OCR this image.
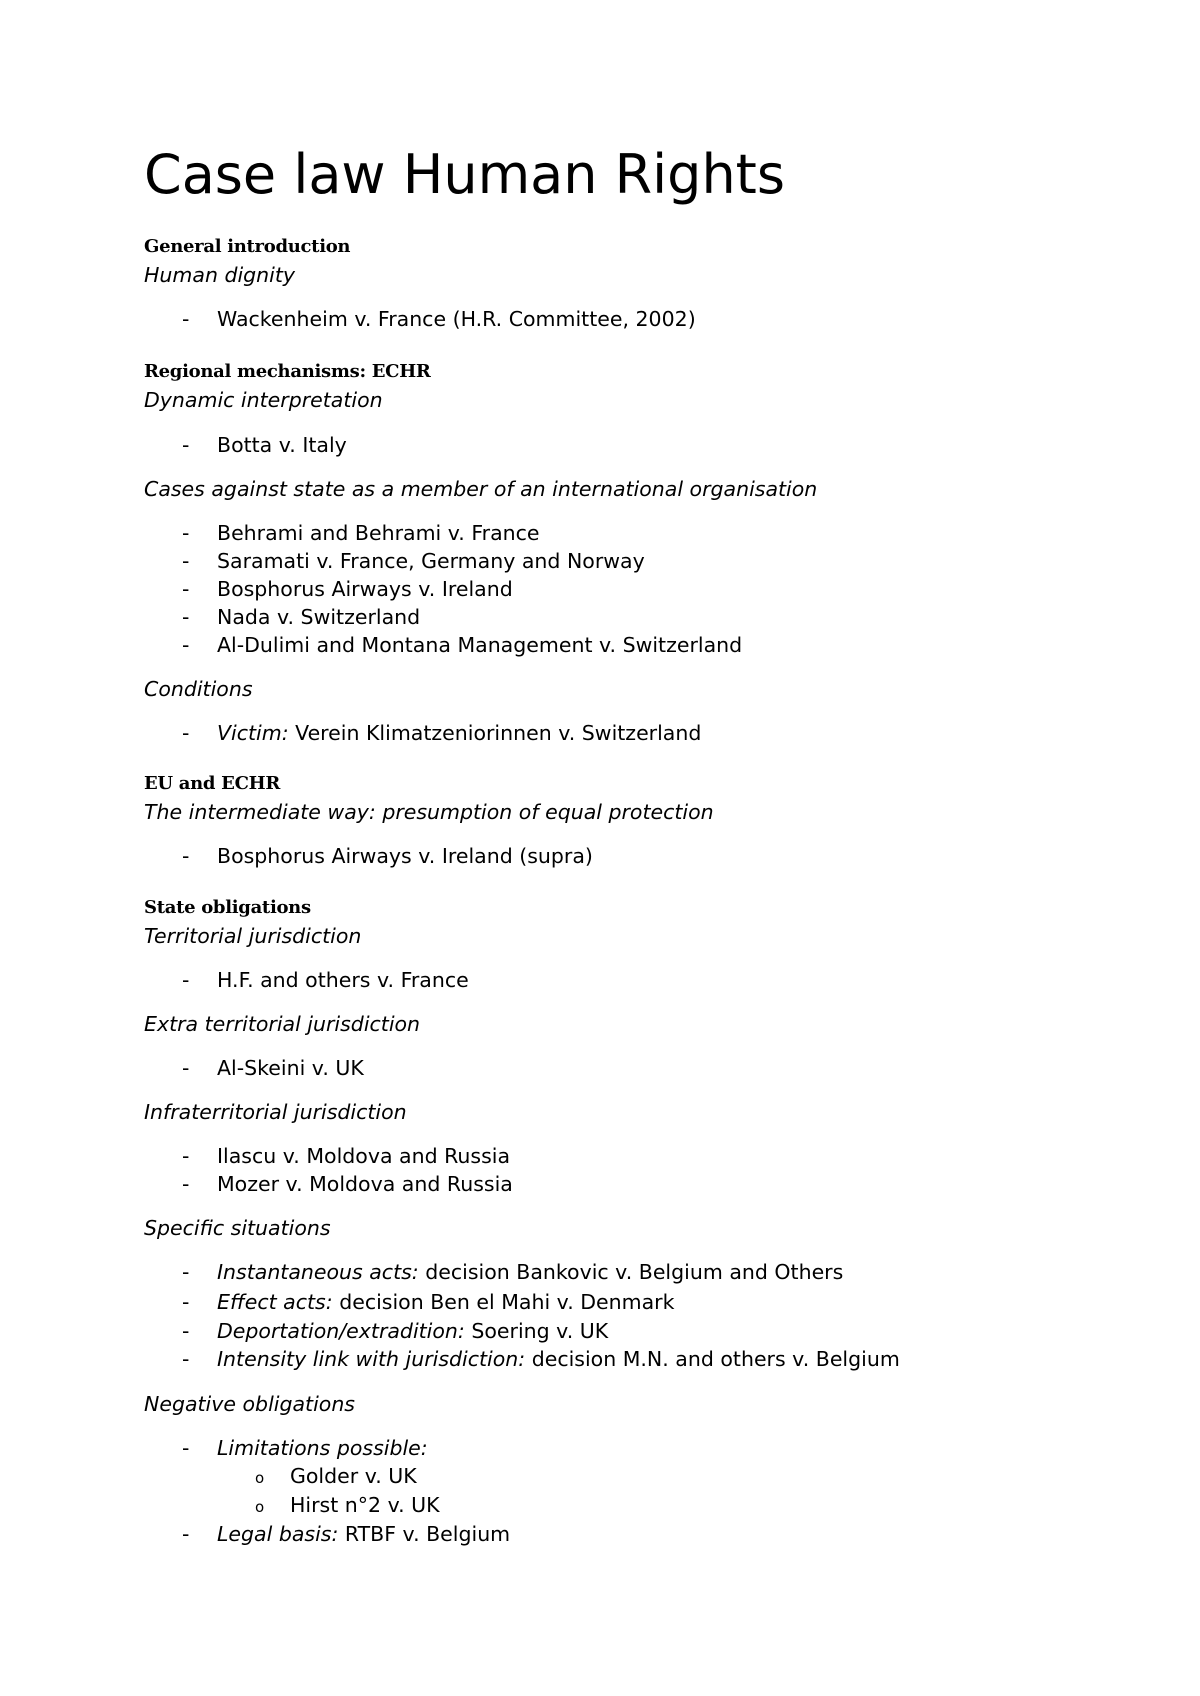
Case law Human Rights
General introduction
Human dignity
- Wackenheim v. France (H.R. Committee, 2002)
Regional mechanisms: ECHR
Dynamic interpretation
- Botta v. Italy
Cases against state as a member of an international organisation
- Behrami and Behrami v. France
- Saramati v. France, Germany and Norway
- Bosphorus Airways v. Ireland
- Nada v. Switzerland
- Al-Dulimi and Montana Management v. Switzerland
Conditions
- Victim: Verein Klimatzeniorinnen v. Switzerland
EU and ECHR
The intermediate way: presumption of equal protection
- Bosphorus Airways v. Ireland (supra)
State obligations
Territorial jurisdiction
- H.F. and others v. France
Extra territorial jurisdiction
- Al-Skeini v. UK
Infraterritorial jurisdiction
- Ilascu v. Moldova and Russia
- Mozer v. Moldova and Russia
Specific situations
- Instantaneous acts: decision Bankovic v. Belgium and Others
- Effect acts: decision Ben el Mahi v. Denmark
- Deportation/extradition: Soering v. UK
- Intensity link with jurisdiction: decision M.N. and others v. Belgium
Negative obligations
- Limitations possible:
o Golder v. UK
o Hirst n°2 v. UK
- Legal basis: RTBF v. Belgium
